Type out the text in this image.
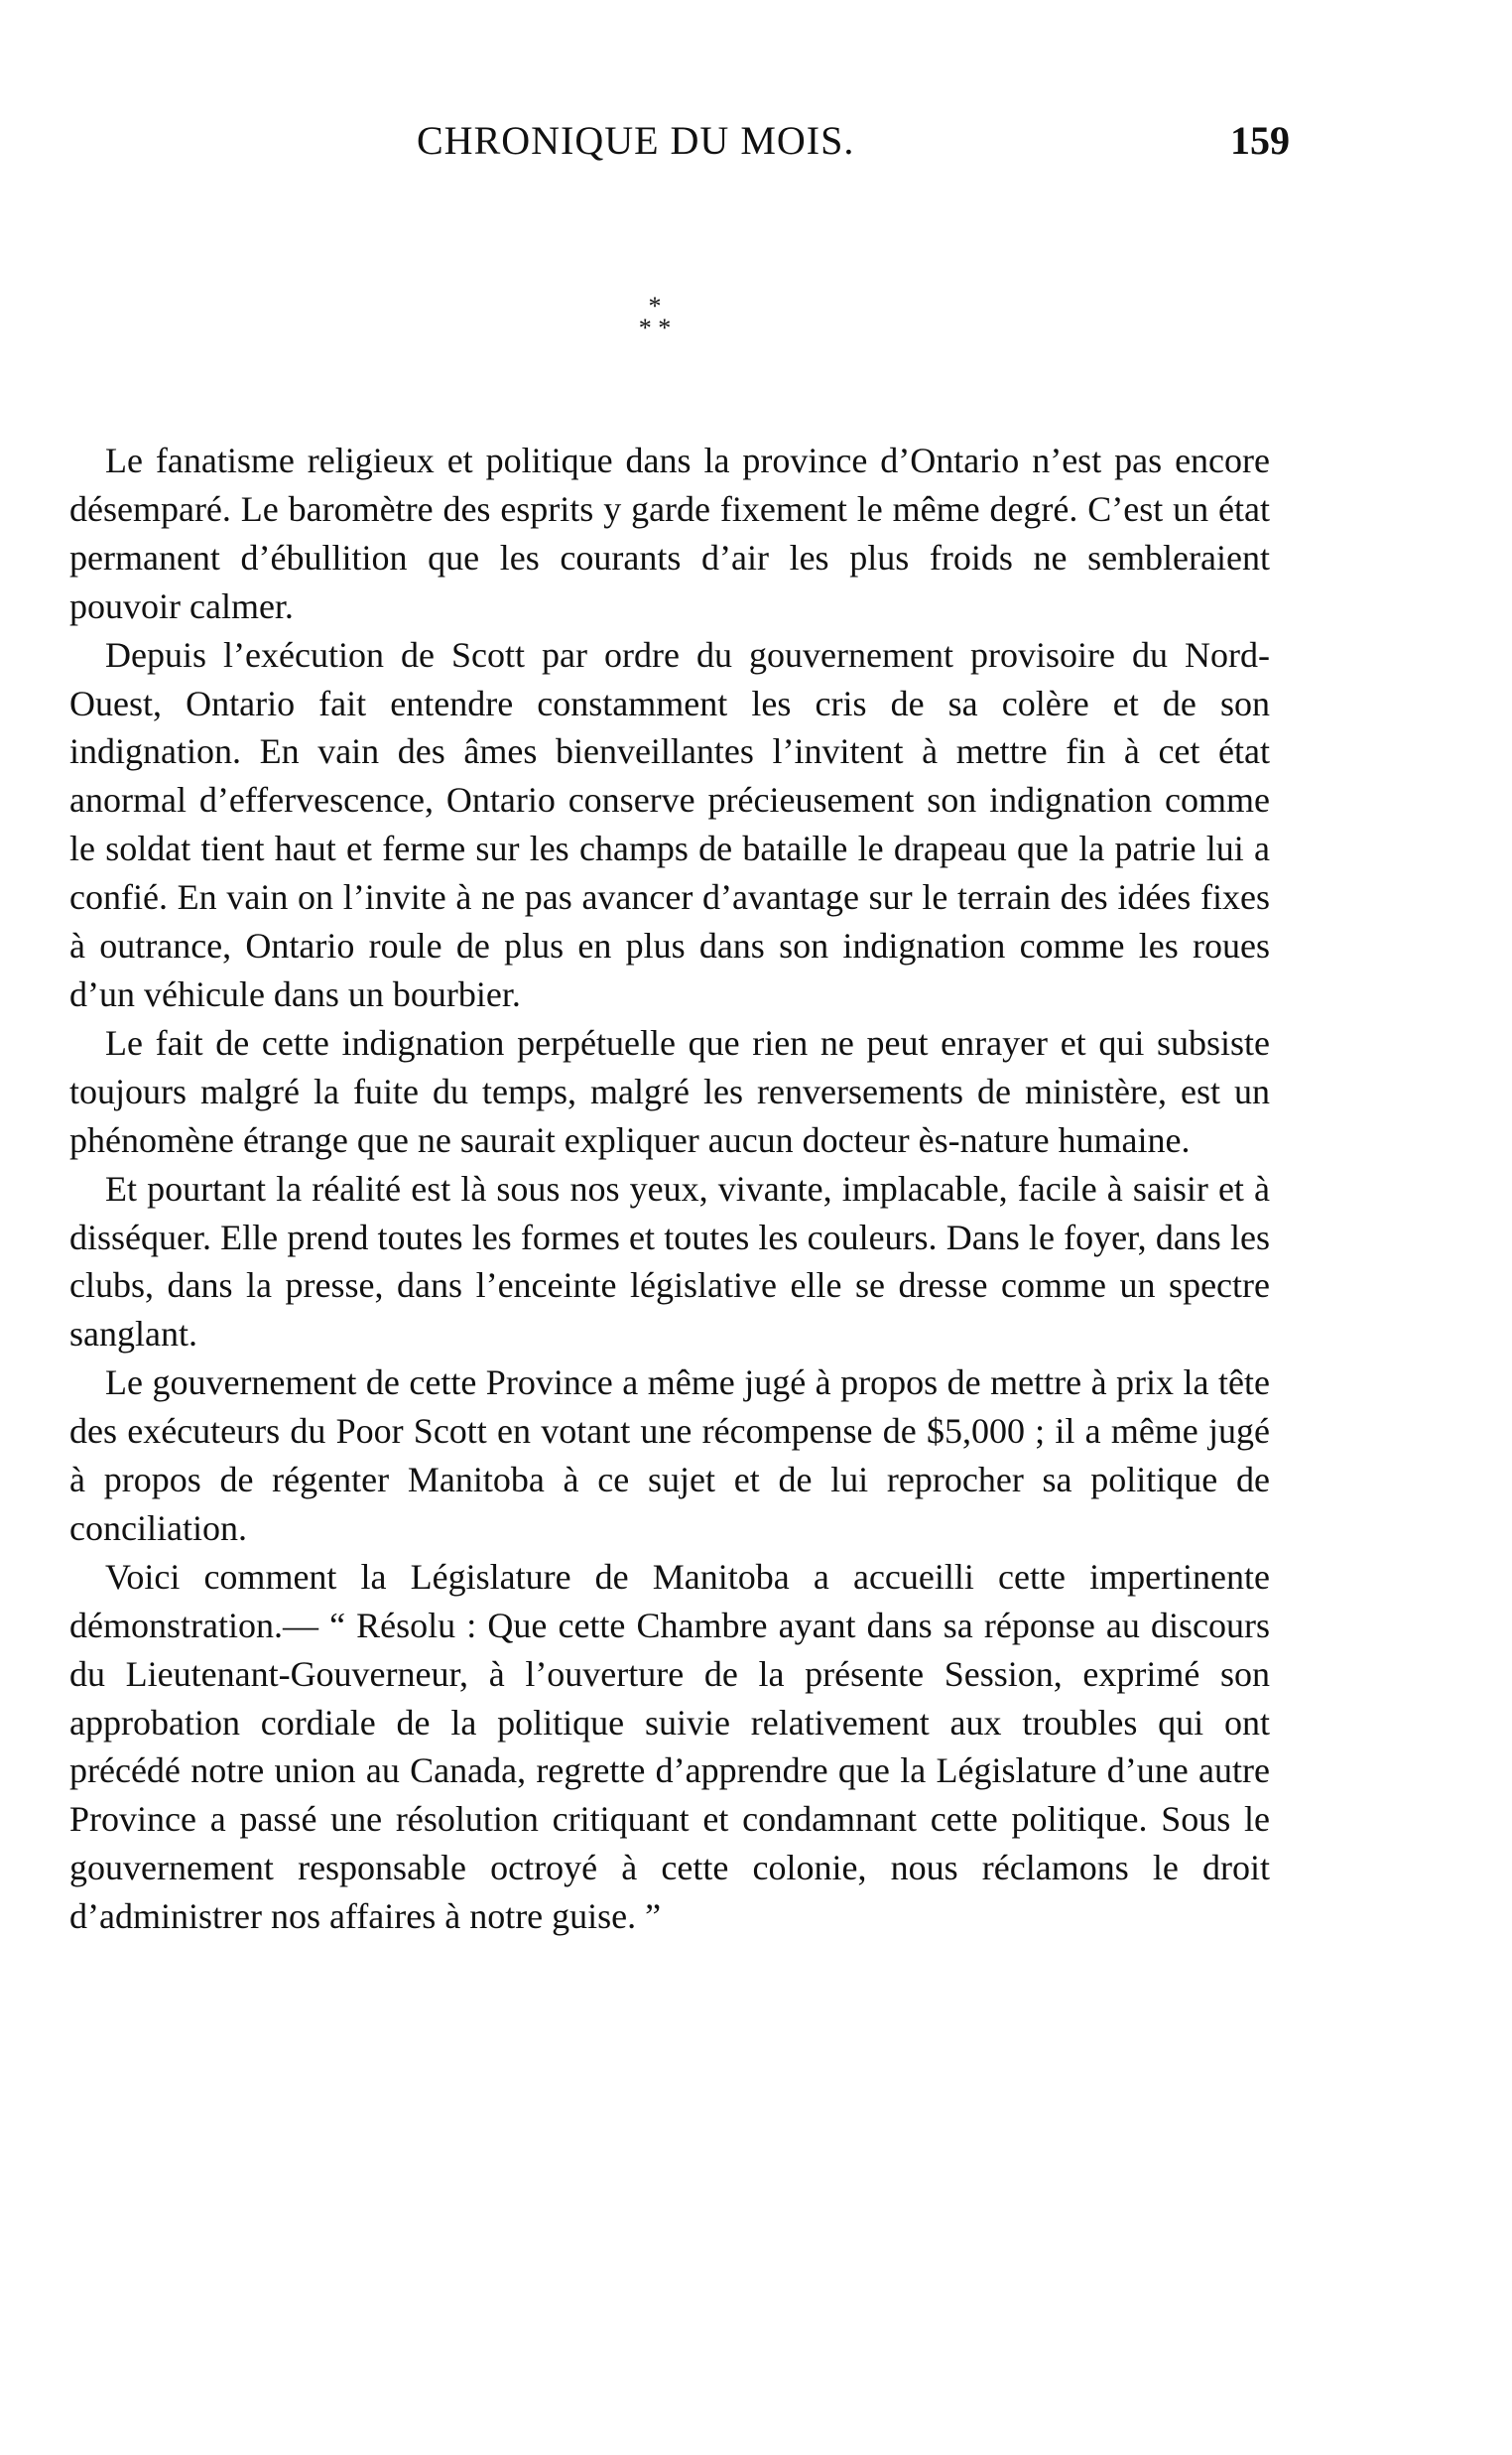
CHRONIQUE DU MOIS.	159
*
* *

Le fanatisme religieux et politique dans la province d’Ontario n’est pas encore désemparé. Le baromètre des esprits y garde fixement le même degré. C’est un état permanent d’ébullition que les courants d’air les plus froids ne sembleraient pouvoir calmer.

Depuis l’exécution de Scott par ordre du gouvernement provisoire du Nord-Ouest, Ontario fait entendre constamment les cris de sa colère et de son indignation. En vain des âmes bienveillantes l’invitent à mettre fin à cet état anormal d’effervescence, Ontario conserve précieusement son indignation comme le soldat tient haut et ferme sur les champs de bataille le drapeau que la patrie lui a confié. En vain on l’invite à ne pas avancer d’avantage sur le terrain des idées fixes à outrance, Ontario roule de plus en plus dans son indignation comme les roues d’un véhicule dans un bourbier.

Le fait de cette indignation perpétuelle que rien ne peut enrayer et qui subsiste toujours malgré la fuite du temps, malgré les renversements de ministère, est un phénomène étrange que ne saurait expliquer aucun docteur ès-nature humaine.

Et pourtant la réalité est là sous nos yeux, vivante, implacable, facile à saisir et à disséquer. Elle prend toutes les formes et toutes les couleurs. Dans le foyer, dans les clubs, dans la presse, dans l’enceinte législative elle se dresse comme un spectre sanglant.

Le gouvernement de cette Province a même jugé à propos de mettre à prix la tête des exécuteurs du Poor Scott en votant une récompense de $5,000 ; il a même jugé à propos de régenter Manitoba à ce sujet et de lui reprocher sa politique de conciliation.

Voici comment la Législature de Manitoba a accueilli cette impertinente démonstration.— “ Résolu : Que cette Chambre ayant dans sa réponse au discours du Lieutenant-Gouverneur, à l’ouverture de la présente Session, exprimé son approbation cordiale de la politique suivie relativement aux troubles qui ont précédé notre union au Canada, regrette d’apprendre que la Législature d’une autre Province a passé une résolution critiquant et condamnant cette politique. Sous le gouvernement responsable octroyé à cette colonie, nous réclamons le droit d’administrer nos affaires à notre guise. ”
